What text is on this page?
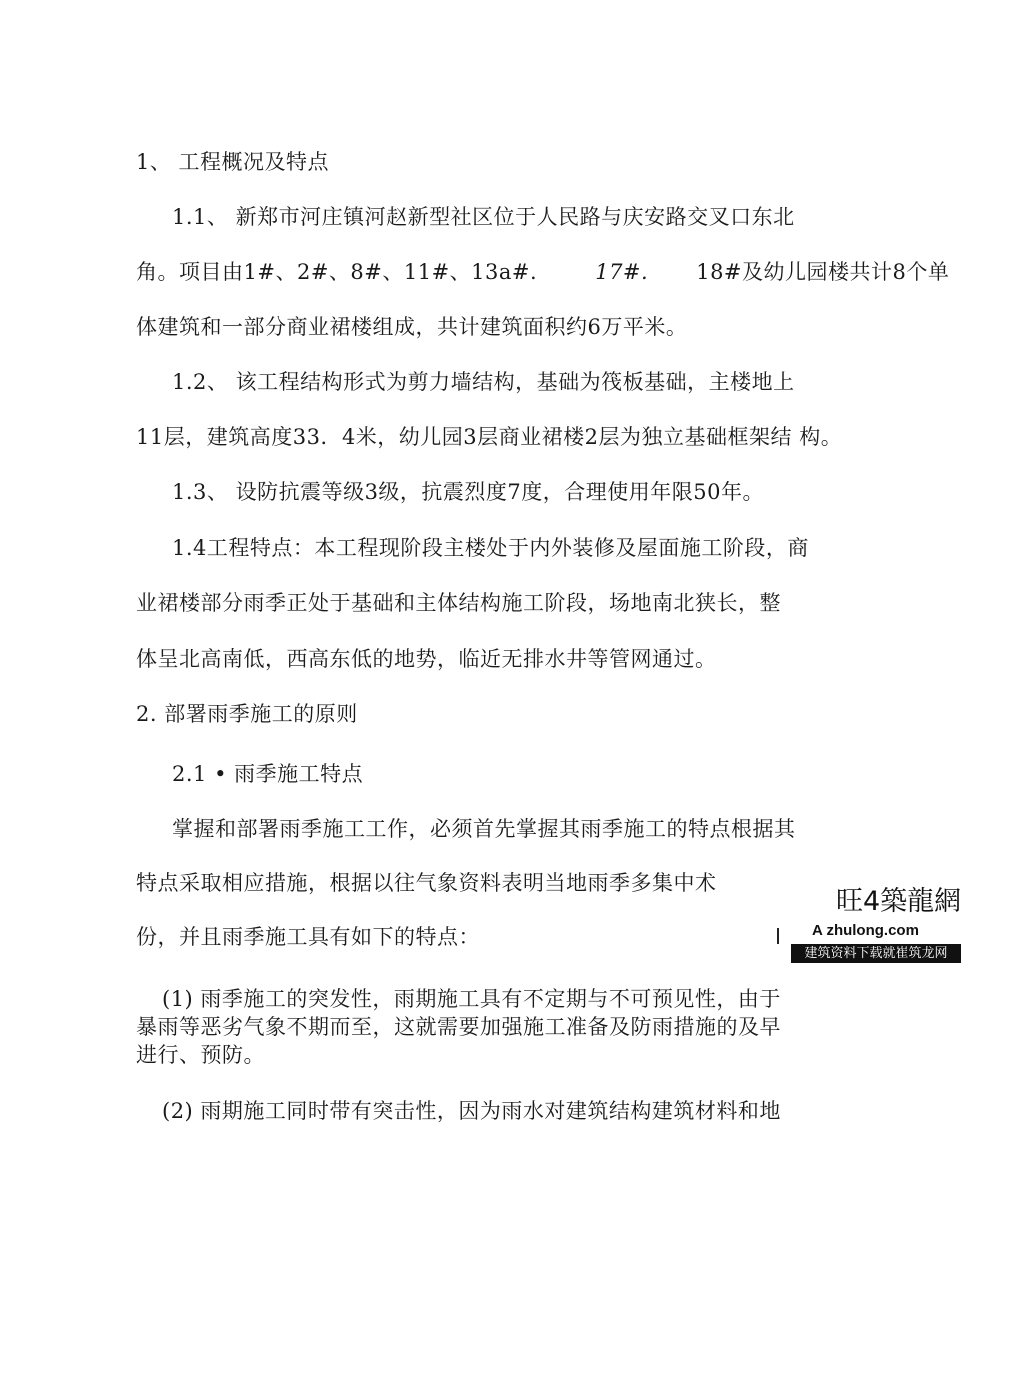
1、 工程概况及特点
1.1、 新郑市河庄镇河赵新型社区位于人民路与庆安路交叉口东北
角。项目由1#、2#、8#、11#、13a#.	17#. 18#及幼儿园楼共计8个单
体建筑和一部分商业裙楼组成，共计建筑面积约6万平米。
1.2、 该工程结构形式为剪力墙结构，基础为筏板基础，主楼地上
11层，建筑高度33．4米，幼儿园3层商业裙楼2层为独立基础框架结 构。
1.3、 设防抗震等级3级，抗震烈度7度，合理使用年限50年。
1.4工程特点：本工程现阶段主楼处于内外装修及屋面施工阶段，商
业裙楼部分雨季正处于基础和主体结构施工阶段，场地南北狭长，整
体呈北高南低，西高东低的地势，临近无排水井等管网通过。
2. 部署雨季施工的原则
2.1 • 雨季施工特点
掌握和部署雨季施工工作，必须首先掌握其雨季施工的特点根据其
特点采取相应措施，根据以往气象资料表明当地雨季多集中术
份，并且雨季施工具有如下的特点：
(1) 雨季施工的突发性，雨期施工具有不定期与不可预见性，由于
暴雨等恶劣气象不期而至，这就需要加强施工准备及防雨措施的及早
进行、预防。
(2) 雨期施工同时带有突击性，因为雨水对建筑结构建筑材料和地
旺4築龍網
A zhulong.com
建筑资料下载就崔筑龙网
